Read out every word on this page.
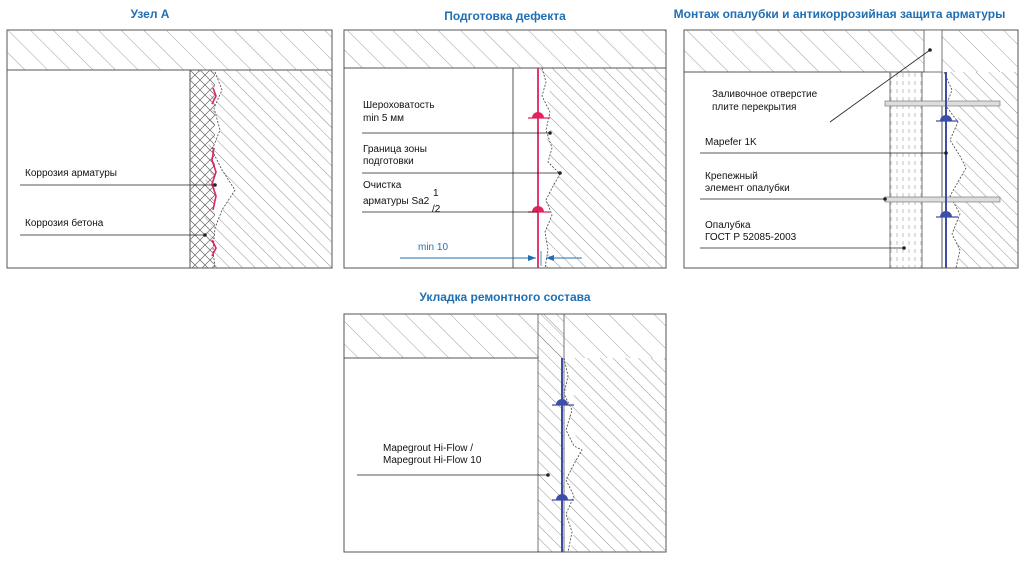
Узел A	Подготовка дефекта	Монтаж опалубки и антикоррозийная защита арматуры
Укладка ремонтного состава
Коррозия арматуры
Коррозия бетона
Шероховатость
min 5 мм
Граница зоны
подготовки
Очистка
арматуры Sa2
1
/2
min 10
Заливочное отверстие
плите перекрытия
Mapefer 1K
Крепежный
элемент опалубки
Опалубка
ГОСТ Р 52085-2003
Mapegrout Hi-Flow /
Mapegrout Hi-Flow 10
